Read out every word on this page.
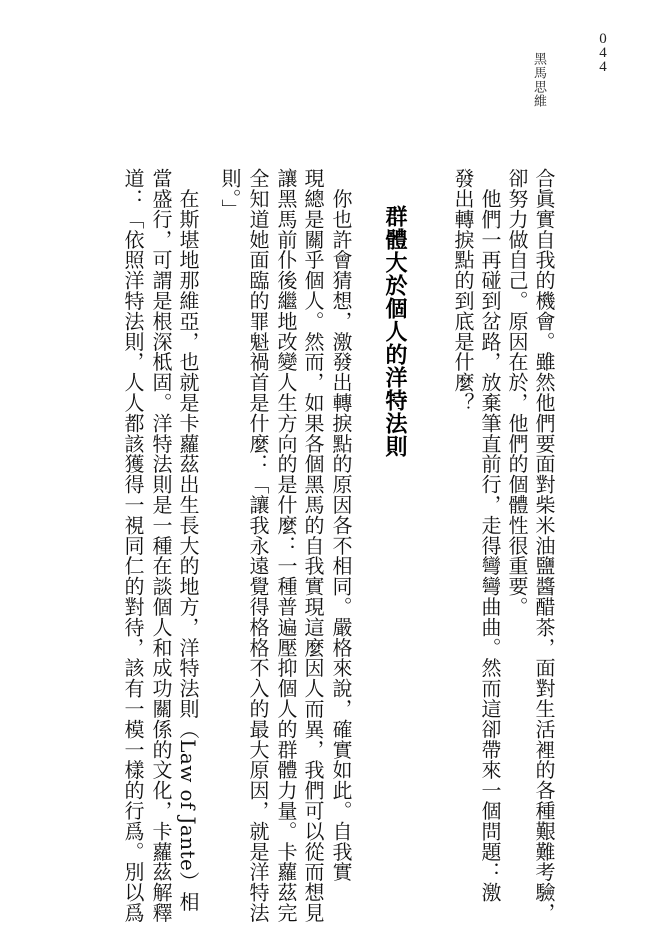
044
黑馬思維
合眞實自我的機會。雖然他們要面對柴米油鹽醬醋茶，面對生活裡的各種艱難考驗，
卻努力做自己。原因在於，他們的個體性很重要。
　他們一再碰到岔路，放棄筆直前行，走得彎彎曲曲。然而這卻帶來一個問題：激
發出轉捩點的到底是什麼？
群體大於個人的洋特法則
　你也許會猜想，激發出轉捩點的原因各不相同。嚴格來說，確實如此。自我實
現總是關乎個人。然而，如果各個黑馬的自我實現這麼因人而異，我們可以從而想見
讓黑馬前仆後繼地改變人生方向的是什麼：一種普遍壓抑個人的群體力量。卡蘿茲完
全知道她面臨的罪魁禍首是什麼：「讓我永遠覺得格格不入的最大原因，就是洋特法
則。」
　在斯堪地那維亞，也就是卡蘿茲出生長大的地方，洋特法則（Law of Jante）相
當盛行，可謂是根深柢固。洋特法則是一種在談個人和成功關係的文化，卡蘿茲解釋
道：「依照洋特法則，人人都該獲得一視同仁的對待，該有一模一樣的行爲。別以爲
